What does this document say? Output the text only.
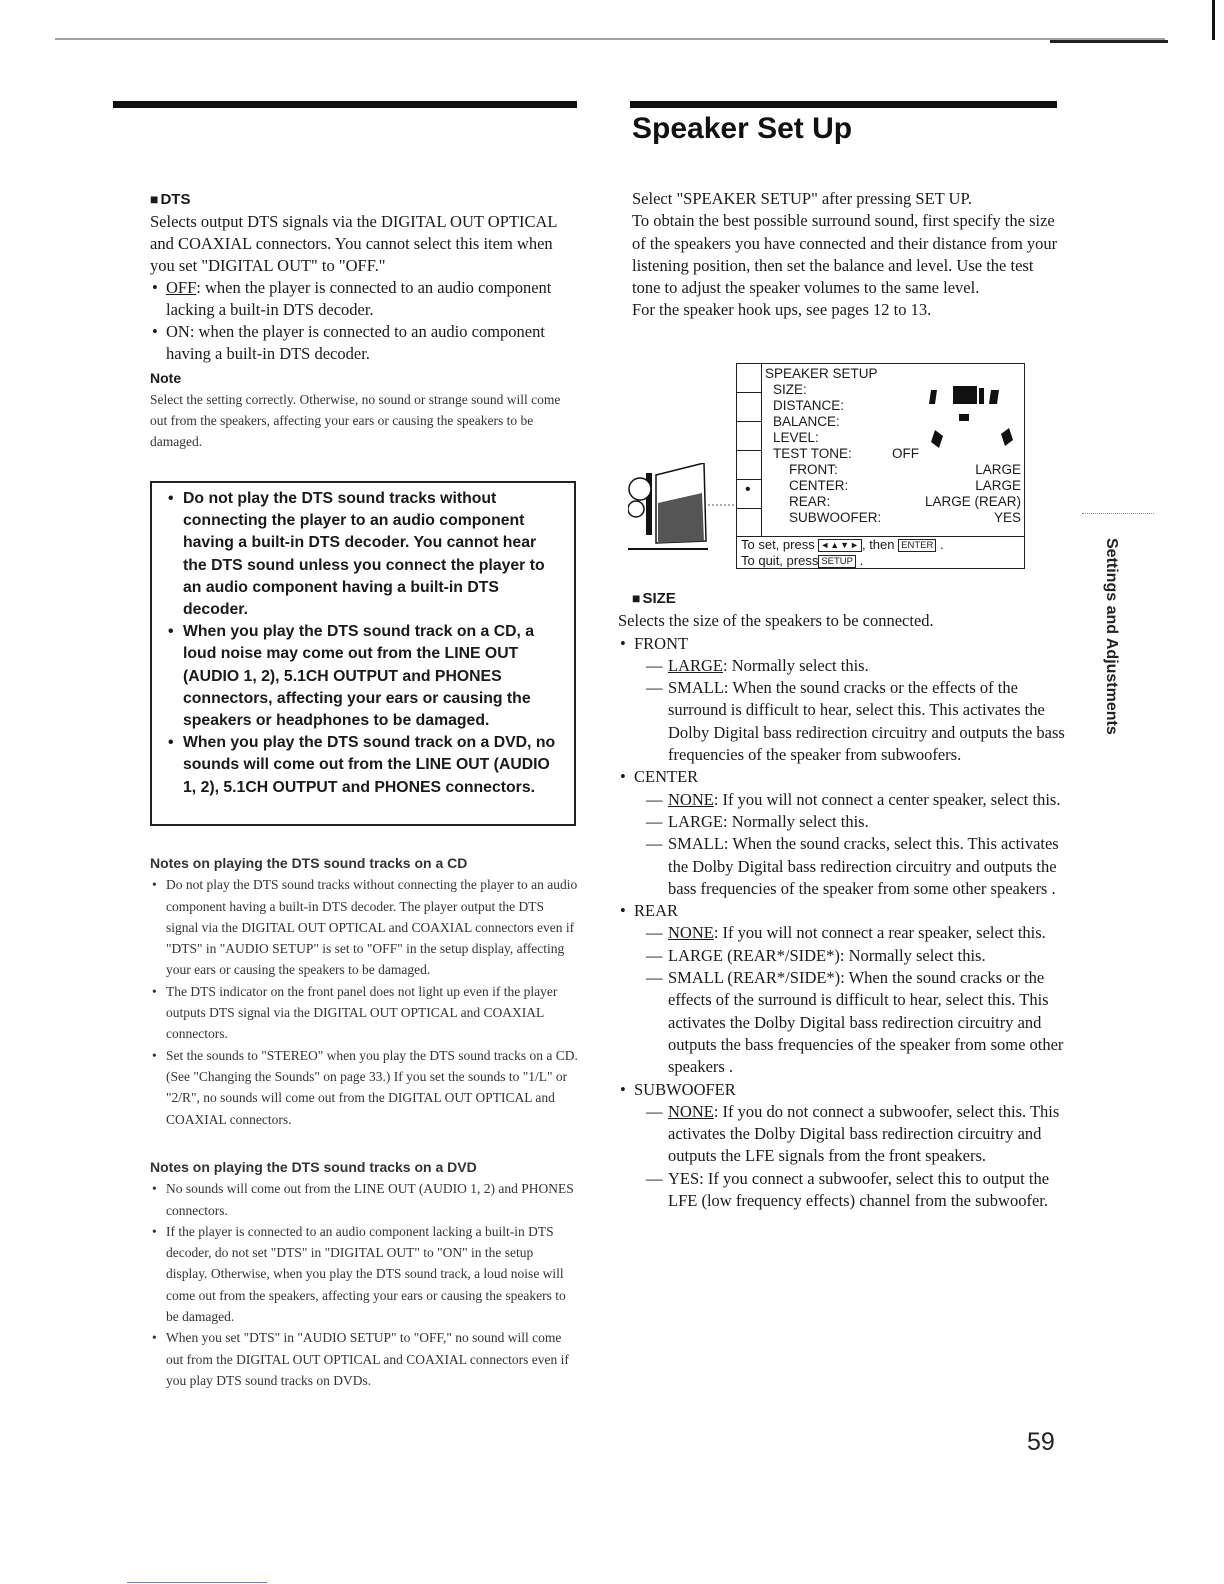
Speaker Set Up
■ DTS
Selects output DTS signals via the DIGITAL OUT OPTICAL and COAXIAL connectors. You cannot select this item when you set "DIGITAL OUT" to "OFF."
• OFF: when the player is connected to an audio component lacking a built-in DTS decoder.
• ON: when the player is connected to an audio component having a built-in DTS decoder.
Note
Select the setting correctly. Otherwise, no sound or strange sound will come out from the speakers, affecting your ears or causing the speakers to be damaged.
• Do not play the DTS sound tracks without connecting the player to an audio component having a built-in DTS decoder. You cannot hear the DTS sound unless you connect the player to an audio component having a built-in DTS decoder.
• When you play the DTS sound track on a CD, a loud noise may come out from the LINE OUT (AUDIO 1, 2), 5.1CH OUTPUT and PHONES connectors, affecting your ears or causing the speakers or headphones to be damaged.
• When you play the DTS sound track on a DVD, no sounds will come out from the LINE OUT (AUDIO 1, 2), 5.1CH OUTPUT and PHONES connectors.
Notes on playing the DTS sound tracks on a CD
• Do not play the DTS sound tracks without connecting the player to an audio component having a built-in DTS decoder. The player output the DTS signal via the DIGITAL OUT OPTICAL and COAXIAL connectors even if "DTS" in "AUDIO SETUP" is set to "OFF" in the setup display, affecting your ears or causing the speakers to be damaged.
• The DTS indicator on the front panel does not light up even if the player outputs DTS signal via the DIGITAL OUT OPTICAL and COAXIAL connectors.
• Set the sounds to "STEREO" when you play the DTS sound tracks on a CD. (See "Changing the Sounds" on page 33.) If you set the sounds to "1/L" or "2/R", no sounds will come out from the DIGITAL OUT OPTICAL and COAXIAL connectors.
Notes on playing the DTS sound tracks on a DVD
• No sounds will come out from the LINE OUT (AUDIO 1, 2) and PHONES connectors.
• If the player is connected to an audio component lacking a built-in DTS decoder, do not set "DTS" in "DIGITAL OUT" to "ON" in the setup display. Otherwise, when you play the DTS sound track, a loud noise will come out from the speakers, affecting your ears or causing the speakers to be damaged.
• When you set "DTS" in "AUDIO SETUP" to "OFF," no sound will come out from the DIGITAL OUT OPTICAL and COAXIAL connectors even if you play DTS sound tracks on DVDs.
Select "SPEAKER SETUP" after pressing SET UP.
To obtain the best possible surround sound, first specify the size of the speakers you have connected and their distance from your listening position, then set the balance and level. Use the test tone to adjust the speaker volumes to the same level.
For the speaker hook ups, see pages 12 to 13.
•
SPEAKER SETUP
SIZE:
DISTANCE:
BALANCE:
LEVEL:
TEST TONE:	OFF
FRONT:	LARGE
CENTER:	LARGE
REAR:	LARGE (REAR)
SUBWOOFER:	YES
To set, press ◄▲▼► , then ENTER .
To quit, press SETUP .
■ SIZE
Selects the size of the speakers to be connected.
• FRONT
— LARGE: Normally select this.
— SMALL: When the sound cracks or the effects of the surround is difficult to hear, select this. This activates the Dolby Digital bass redirection circuitry and outputs the bass frequencies of the speaker from subwoofers.
• CENTER
— NONE: If you will not connect a center speaker, select this.
— LARGE: Normally select this.
— SMALL: When the sound cracks, select this. This activates the Dolby Digital bass redirection circuitry and outputs the bass frequencies of the speaker from some other speakers .
• REAR
— NONE: If you will not connect a rear speaker, select this.
— LARGE (REAR*/SIDE*): Normally select this.
— SMALL (REAR*/SIDE*): When the sound cracks or the effects of the surround is difficult to hear, select this. This activates the Dolby Digital bass redirection circuitry and outputs the bass frequencies of the speaker from some other speakers .
• SUBWOOFER
— NONE: If you do not connect a subwoofer, select this. This activates the Dolby Digital bass redirection circuitry and outputs the LFE signals from the front speakers.
— YES: If you connect a subwoofer, select this to output the LFE (low frequency effects) channel from the subwoofer.
Settings and Adjustments
59
